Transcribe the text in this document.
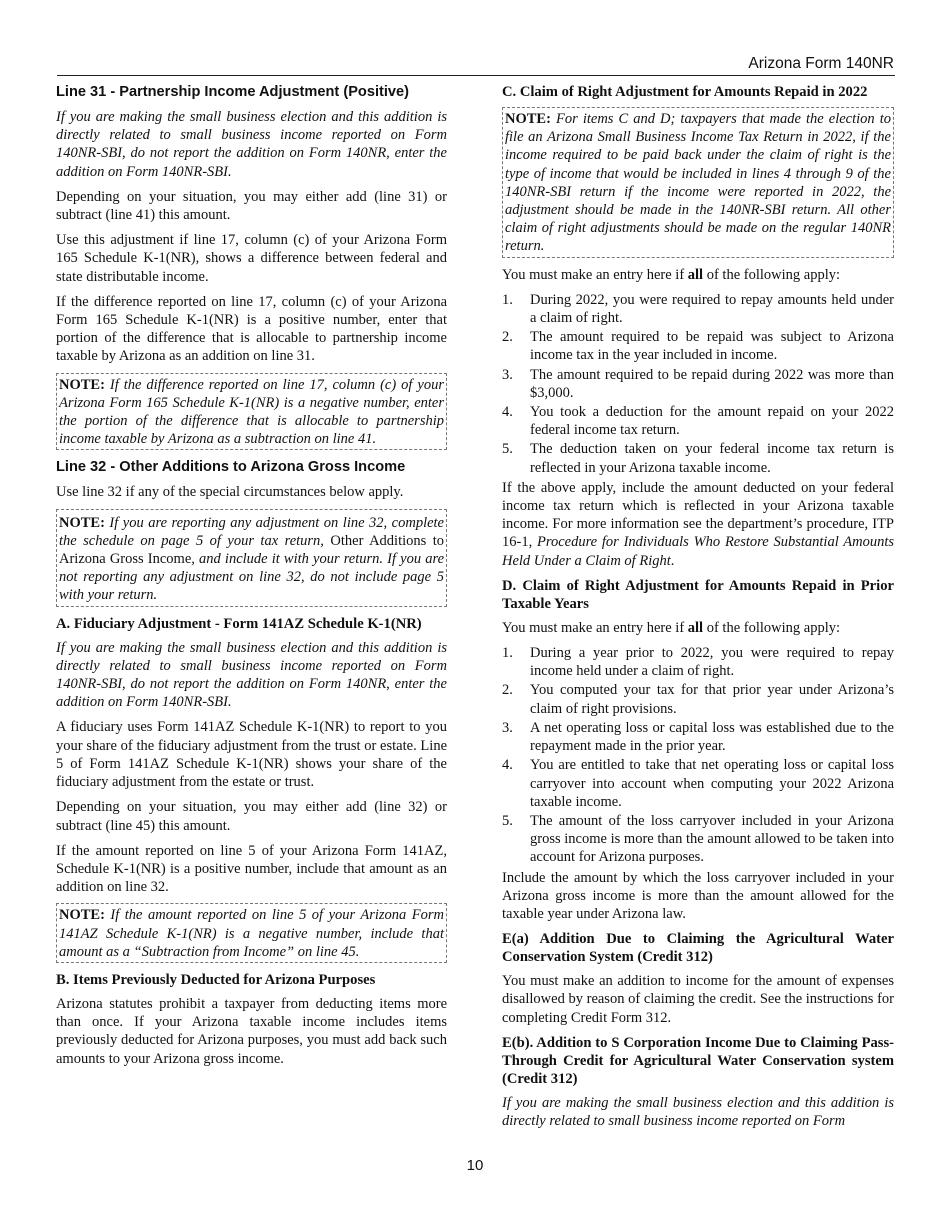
Arizona Form 140NR
Line 31 - Partnership Income Adjustment (Positive)

If you are making the small business election and this addition is directly related to small business income reported on Form 140NR-SBI, do not report the addition on Form 140NR, enter the addition on Form 140NR-SBI.

Depending on your situation, you may either add (line 31) or subtract (line 41) this amount.

Use this adjustment if line 17, column (c) of your Arizona Form 165 Schedule K-1(NR), shows a difference between federal and state distributable income.

If the difference reported on line 17, column (c) of your Arizona Form 165 Schedule K-1(NR) is a positive number, enter that portion of the difference that is allocable to partnership income taxable by Arizona as an addition on line 31.

NOTE: If the difference reported on line 17, column (c) of your Arizona Form 165 Schedule K-1(NR) is a negative number, enter the portion of the difference that is allocable to partnership income taxable by Arizona as a subtraction on line 41.
Line 32 - Other Additions to Arizona Gross Income

Use line 32 if any of the special circumstances below apply.

NOTE: If you are reporting any adjustment on line 32, complete the schedule on page 5 of your tax return, Other Additions to Arizona Gross Income, and include it with your return. If you are not reporting any adjustment on line 32, do not include page 5 with your return.
A. Fiduciary Adjustment - Form 141AZ Schedule K-1(NR)

If you are making the small business election and this addition is directly related to small business income reported on Form 140NR-SBI, do not report the addition on Form 140NR, enter the addition on Form 140NR-SBI.

A fiduciary uses Form 141AZ Schedule K-1(NR) to report to you your share of the fiduciary adjustment from the trust or estate. Line 5 of Form 141AZ Schedule K-1(NR) shows your share of the fiduciary adjustment from the estate or trust.

Depending on your situation, you may either add (line 32) or subtract (line 45) this amount.

If the amount reported on line 5 of your Arizona Form 141AZ, Schedule K-1(NR) is a positive number, include that amount as an addition on line 32.

NOTE: If the amount reported on line 5 of your Arizona Form 141AZ Schedule K-1(NR) is a negative number, include that amount as a “Subtraction from Income” on line 45.
B. Items Previously Deducted for Arizona Purposes

Arizona statutes prohibit a taxpayer from deducting items more than once. If your Arizona taxable income includes items previously deducted for Arizona purposes, you must add back such amounts to your Arizona gross income.

C. Claim of Right Adjustment for Amounts Repaid in 2022
NOTE: For items C and D; taxpayers that made the election to file an Arizona Small Business Income Tax Return in 2022, if the income required to be paid back under the claim of right is the type of income that would be included in lines 4 through 9 of the 140NR-SBI return if the income were reported in 2022, the adjustment should be made in the 140NR-SBI return. All other claim of right adjustments should be made on the regular 140NR return.

You must make an entry here if all of the following apply:

1. During 2022, you were required to repay amounts held under a claim of right.
2. The amount required to be repaid was subject to Arizona income tax in the year included in income.
3. The amount required to be repaid during 2022 was more than $3,000.
4. You took a deduction for the amount repaid on your 2022 federal income tax return.
5. The deduction taken on your federal income tax return is reflected in your Arizona taxable income.

If the above apply, include the amount deducted on your federal income tax return which is reflected in your Arizona taxable income. For more information see the department’s procedure, ITP 16-1, Procedure for Individuals Who Restore Substantial Amounts Held Under a Claim of Right.

D. Claim of Right Adjustment for Amounts Repaid in Prior Taxable Years

You must make an entry here if all of the following apply:

1. During a year prior to 2022, you were required to repay income held under a claim of right.
2. You computed your tax for that prior year under Arizona’s claim of right provisions.
3. A net operating loss or capital loss was established due to the repayment made in the prior year.
4. You are entitled to take that net operating loss or capital loss carryover into account when computing your 2022 Arizona taxable income.
5. The amount of the loss carryover included in your Arizona gross income is more than the amount allowed to be taken into account for Arizona purposes.

Include the amount by which the loss carryover included in your Arizona gross income is more than the amount allowed for the taxable year under Arizona law.

E(a) Addition Due to Claiming the Agricultural Water Conservation System (Credit 312)

You must make an addition to income for the amount of expenses disallowed by reason of claiming the credit. See the instructions for completing Credit Form 312.

E(b). Addition to S Corporation Income Due to Claiming Pass-Through Credit for Agricultural Water Conservation system (Credit 312)

If you are making the small business election and this addition is directly related to small business income reported on Form

10
